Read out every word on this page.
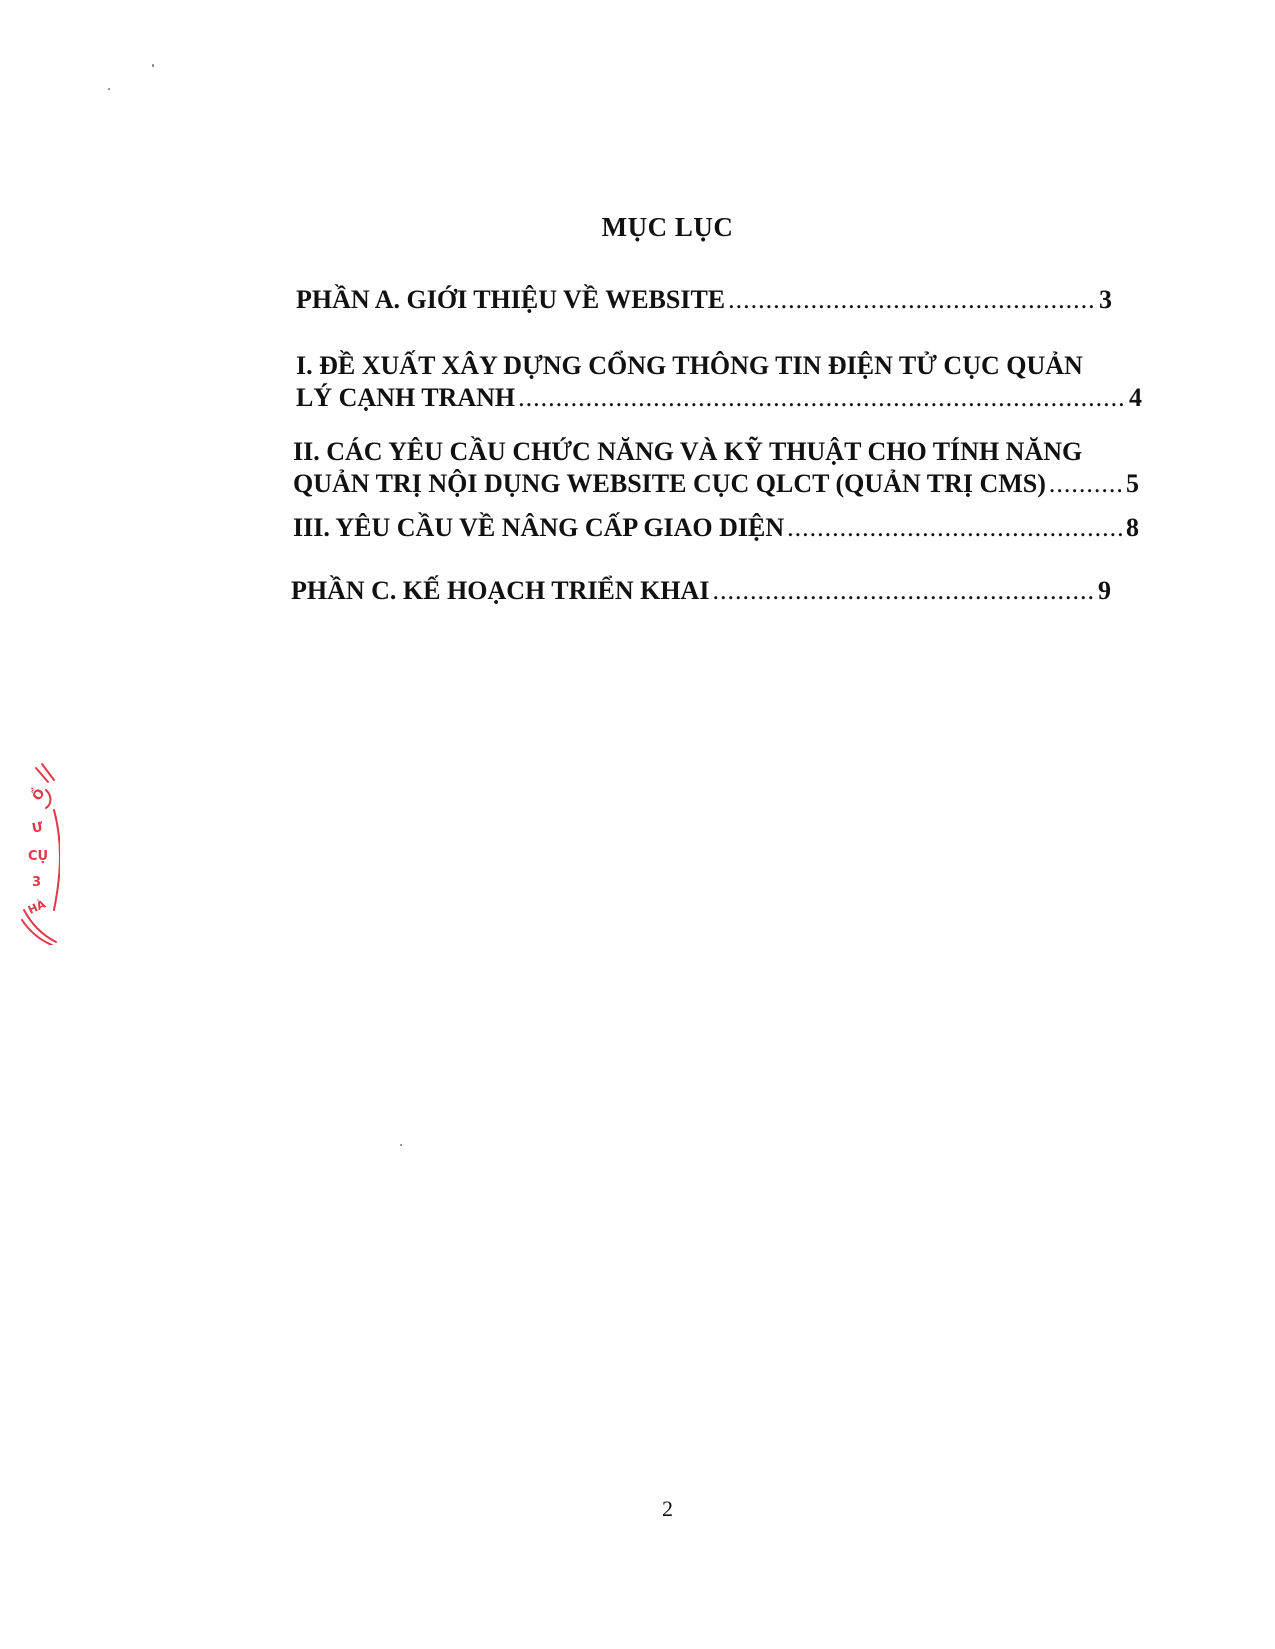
MỤC LỤC
PHẦN A. GIỚI THIỆU VỀ WEBSITE .....	3
I. ĐỀ XUẤT XÂY DỰNG CỔNG THÔNG TIN ĐIỆN TỬ CỤC QUẢN
LÝ CẠNH TRANH .....	4
II. CÁC YÊU CẦU CHỨC NĂNG VÀ KỸ THUẬT CHO TÍNH NĂNG
QUẢN TRỊ NỘI DỤNG WEBSITE CỤC QLCT (QUẢN TRỊ CMS) .....	5
III. YÊU CẦU VỀ NÂNG CẤP GIAO DIỆN .....	8
PHẦN C. KẾ HOẠCH TRIỂN KHAI .....	9
2
Ồ
Ư
CỤ
3
HÀ
